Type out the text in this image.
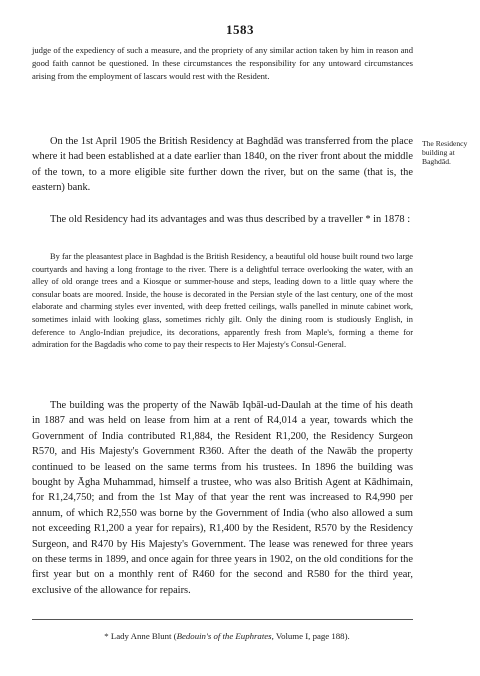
1583

judge of the expediency of such a measure, and the propriety of any similar action taken by him in reason and good faith cannot be questioned. In these circumstances the responsibility for any untoward circumstances arising from the employment of lascars would rest with the Resident.

On the 1st April 1905 the British Residency at Baghdād was transferred from the place where it had been established at a date earlier than 1840, on the river front about the middle of the town, to a more eligible site further down the river, but on the same (that is, the eastern) bank.

The Residency building at Baghdād.

The old Residency had its advantages and was thus described by a traveller * in 1878 :

By far the pleasantest place in Baghdad is the British Residency, a beautiful old house built round two large courtyards and having a long frontage to the river. There is a delightful terrace overlooking the water, with an alley of old orange trees and a Kiosque or summer-house and steps, leading down to a little quay where the consular boats are moored. Inside, the house is decorated in the Persian style of the last century, one of the most elaborate and charming styles ever invented, with deep fretted ceilings, walls panelled in minute cabinet work, sometimes inlaid with looking glass, sometimes richly gilt. Only the dining room is studiously English, in deference to Anglo-Indian prejudice, its decorations, apparently fresh from Maple's, forming a theme for admiration for the Bagdadis who come to pay their respects to Her Majesty's Consul-General.

The building was the property of the Nawāb Iqbāl-ud-Daulah at the time of his death in 1887 and was held on lease from him at a rent of R4,014 a year, towards which the Government of India contributed R1,884, the Resident R1,200, the Residency Surgeon R570, and His Majesty's Government R360. After the death of the Nawāb the property continued to be leased on the same terms from his trustees. In 1896 the building was bought by Āgha Muhammad, himself a trustee, who was also British Agent at Kādhimain, for R1,24,750; and from the 1st May of that year the rent was increased to R4,990 per annum, of which R2,550 was borne by the Government of India (who also allowed a sum not exceeding R1,200 a year for repairs), R1,400 by the Resident, R570 by the Residency Surgeon, and R470 by His Majesty's Government. The lease was renewed for three years on these terms in 1899, and once again for three years in 1902, on the old conditions for the first year but on a monthly rent of R460 for the second and R580 for the third year, exclusive of the allowance for repairs.

* Lady Anne Blunt (Bedouin's of the Euphrates, Volume I, page 188).
